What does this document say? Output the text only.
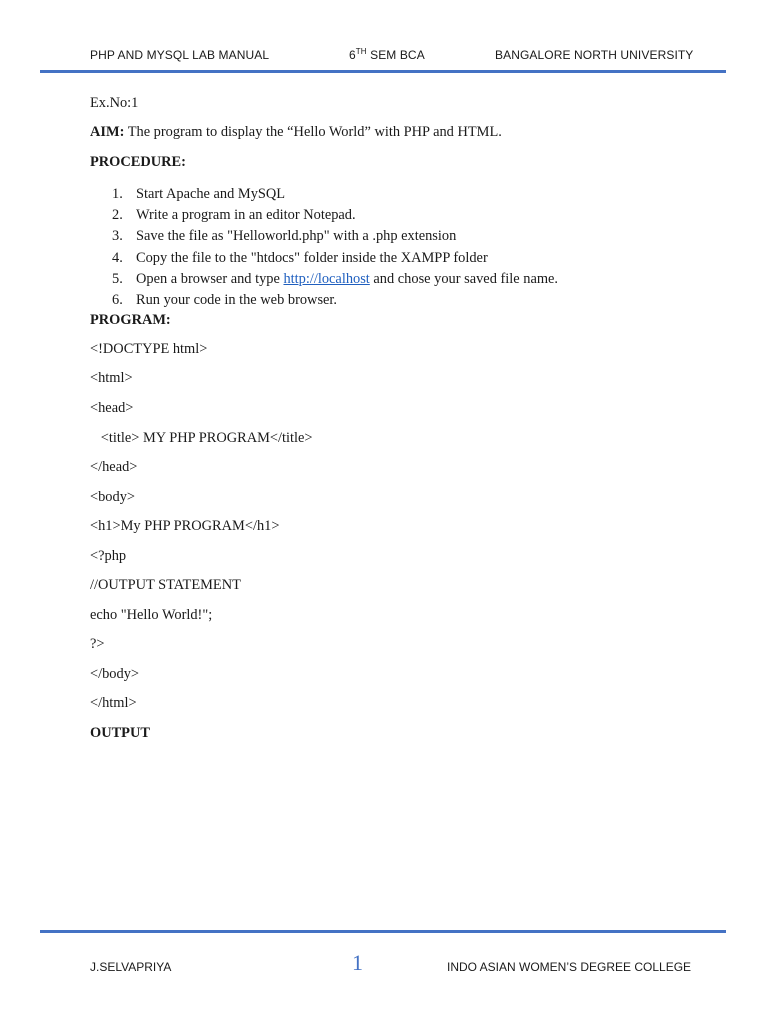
PHP AND MYSQL LAB MANUAL	6TH SEM BCA	BANGALORE NORTH UNIVERSITY
Ex.No:1
AIM: The program to display the “Hello World” with PHP and HTML.
PROCEDURE:
1. Start Apache and MySQL
2. Write a program in an editor Notepad.
3. Save the file as "Helloworld.php" with a .php extension
4. Copy the file to the "htdocs" folder inside the XAMPP folder
5. Open a browser and type http://localhost and chose your saved file name.
6. Run your code in the web browser.
PROGRAM:
<!DOCTYPE html>
<html>
<head>
<title> MY PHP PROGRAM</title>
</head>
<body>
<h1>My PHP PROGRAM</h1>
<?php
//OUTPUT STATEMENT
echo "Hello World!";
?>
</body>
</html>
OUTPUT
J.SELVAPRIYA	1	INDO ASIAN WOMEN’S DEGREE COLLEGE
